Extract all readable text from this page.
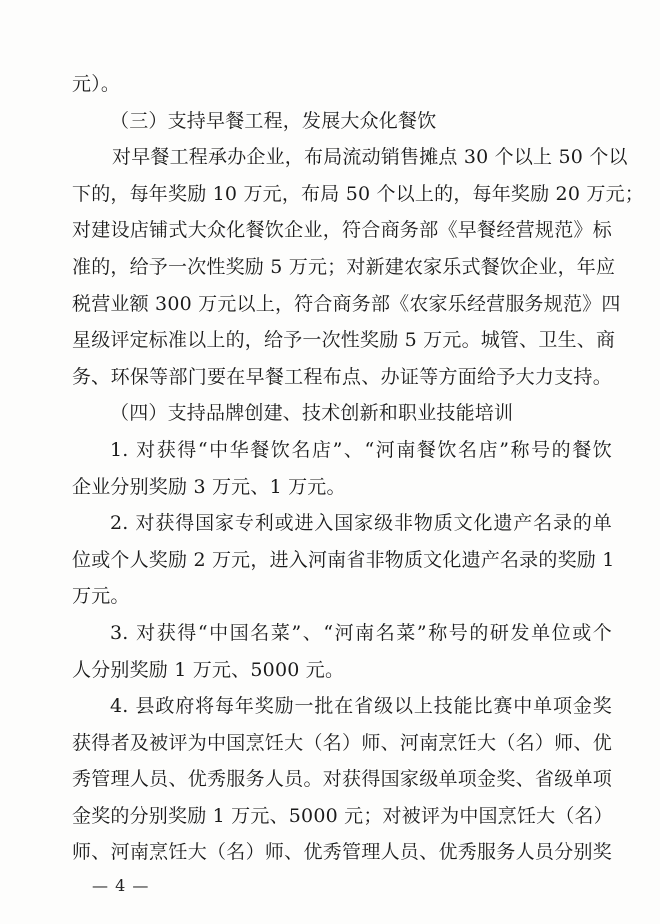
元）。
（三）支持早餐工程，发展大众化餐饮
对早餐工程承办企业，布局流动销售摊点 30 个以上 50 个以
下的，每年奖励 10 万元，布局 50 个以上的，每年奖励 20 万元；
对建设店铺式大众化餐饮企业，符合商务部《早餐经营规范》标
准的，给予一次性奖励 5 万元；对新建农家乐式餐饮企业，年应
税营业额 300 万元以上，符合商务部《农家乐经营服务规范》四
星级评定标准以上的，给予一次性奖励 5 万元。城管、卫生、商
务、环保等部门要在早餐工程布点、办证等方面给予大力支持。
（四）支持品牌创建、技术创新和职业技能培训
1. 对获得“中华餐饮名店”、“河南餐饮名店”称号的餐饮
企业分别奖励 3 万元、1 万元。
2. 对获得国家专利或进入国家级非物质文化遗产名录的单
位或个人奖励 2 万元，进入河南省非物质文化遗产名录的奖励 1
万元。
3. 对获得“中国名菜”、“河南名菜”称号的研发单位或个
人分别奖励 1 万元、5000 元。
4. 县政府将每年奖励一批在省级以上技能比赛中单项金奖
获得者及被评为中国烹饪大（名）师、河南烹饪大（名）师、优
秀管理人员、优秀服务人员。对获得国家级单项金奖、省级单项
金奖的分别奖励 1 万元、5000 元；对被评为中国烹饪大（名）
师、河南烹饪大（名）师、优秀管理人员、优秀服务人员分别奖
— 4 —
